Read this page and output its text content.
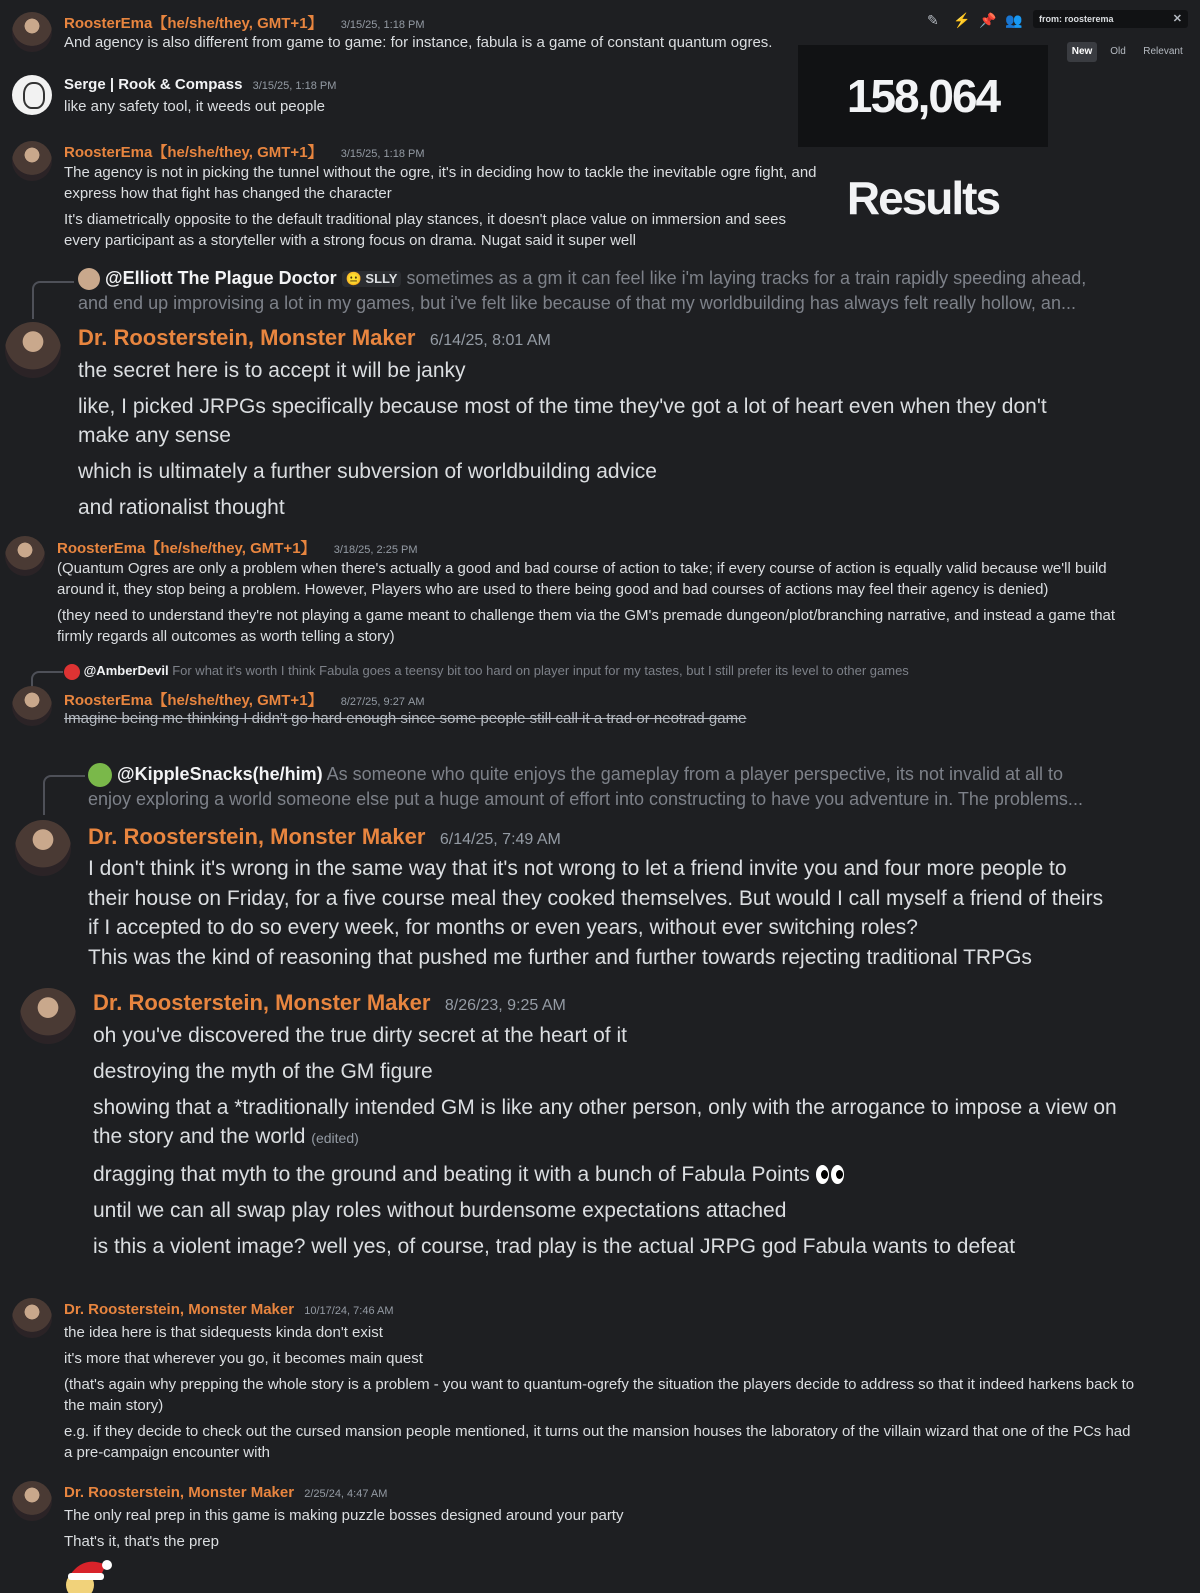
RoosterEma【he/she/they, GMT+1】 3/15/25, 1:18 PM
And agency is also different from game to game: for instance, fabula is a game of constant quantum ogres.
Serge | Rook & Compass 3/15/25, 1:18 PM
like any safety tool, it weeds out people
RoosterEma【he/she/they, GMT+1】 3/15/25, 1:18 PM
The agency is not in picking the tunnel without the ogre, it's in deciding how to tackle the inevitable ogre fight, and
express how that fight has changed the character
It's diametrically opposite to the default traditional play stances, it doesn't place value on immersion and sees
every participant as a storyteller with a strong focus on drama. Nugat said it super well
@Elliott The Plague Doctor 😐 SLLY sometimes as a gm it can feel like i'm laying tracks for a train rapidly speeding ahead,
and end up improvising a lot in my games, but i've felt like because of that my worldbuilding has always felt really hollow, an...
Dr. Roosterstein, Monster Maker 6/14/25, 8:01 AM
the secret here is to accept it will be janky
like, I picked JRPGs specifically because most of the time they've got a lot of heart even when they don't
make any sense
which is ultimately a further subversion of worldbuilding advice
and rationalist thought
RoosterEma【he/she/they, GMT+1】 3/18/25, 2:25 PM
(Quantum Ogres are only a problem when there's actually a good and bad course of action to take; if every course of action is equally valid because we'll build
around it, they stop being a problem. However, Players who are used to there being good and bad courses of actions may feel their agency is denied)
(they need to understand they're not playing a game meant to challenge them via the GM's premade dungeon/plot/branching narrative, and instead a game that
firmly regards all outcomes as worth telling a story)
@AmberDevil For what it's worth I think Fabula goes a teensy bit too hard on player input for my tastes, but I still prefer its level to other games
RoosterEma【he/she/they, GMT+1】 8/27/25, 9:27 AM
Imagine being me thinking I didn't go hard enough since some people still call it a trad or neotrad game
@KippleSnacks(he/him) As someone who quite enjoys the gameplay from a player perspective, its not invalid at all to
enjoy exploring a world someone else put a huge amount of effort into constructing to have you adventure in. The problems...
Dr. Roosterstein, Monster Maker 6/14/25, 7:49 AM
I don't think it's wrong in the same way that it's not wrong to let a friend invite you and four more people to
their house on Friday, for a five course meal they cooked themselves. But would I call myself a friend of theirs
if I accepted to do so every week, for months or even years, without ever switching roles?
This was the kind of reasoning that pushed me further and further towards rejecting traditional TRPGs
Dr. Roosterstein, Monster Maker 8/26/23, 9:25 AM
oh you've discovered the true dirty secret at the heart of it
destroying the myth of the GM figure
showing that a *traditionally intended GM is like any other person, only with the arrogance to impose a view on
the story and the world (edited)
dragging that myth to the ground and beating it with a bunch of Fabula Points
until we can all swap play roles without burdensome expectations attached
is this a violent image? well yes, of course, trad play is the actual JRPG god Fabula wants to defeat
Dr. Roosterstein, Monster Maker 10/17/24, 7:46 AM
the idea here is that sidequests kinda don't exist
it's more that wherever you go, it becomes main quest
(that's again why prepping the whole story is a problem - you want to quantum-ogrefy the situation the players decide to address so that it indeed harkens back to
the main story)
e.g. if they decide to check out the cursed mansion people mentioned, it turns out the mansion houses the laboratory of the villain wizard that one of the PCs had
a pre-campaign encounter with
Dr. Roosterstein, Monster Maker 2/25/24, 4:47 AM
The only real prep in this game is making puzzle bosses designed around your party
That's it, that's the prep
✎ ⚡ 📌 👥	from: roosterema	✕
New	Old	Relevant
158,064 Results
